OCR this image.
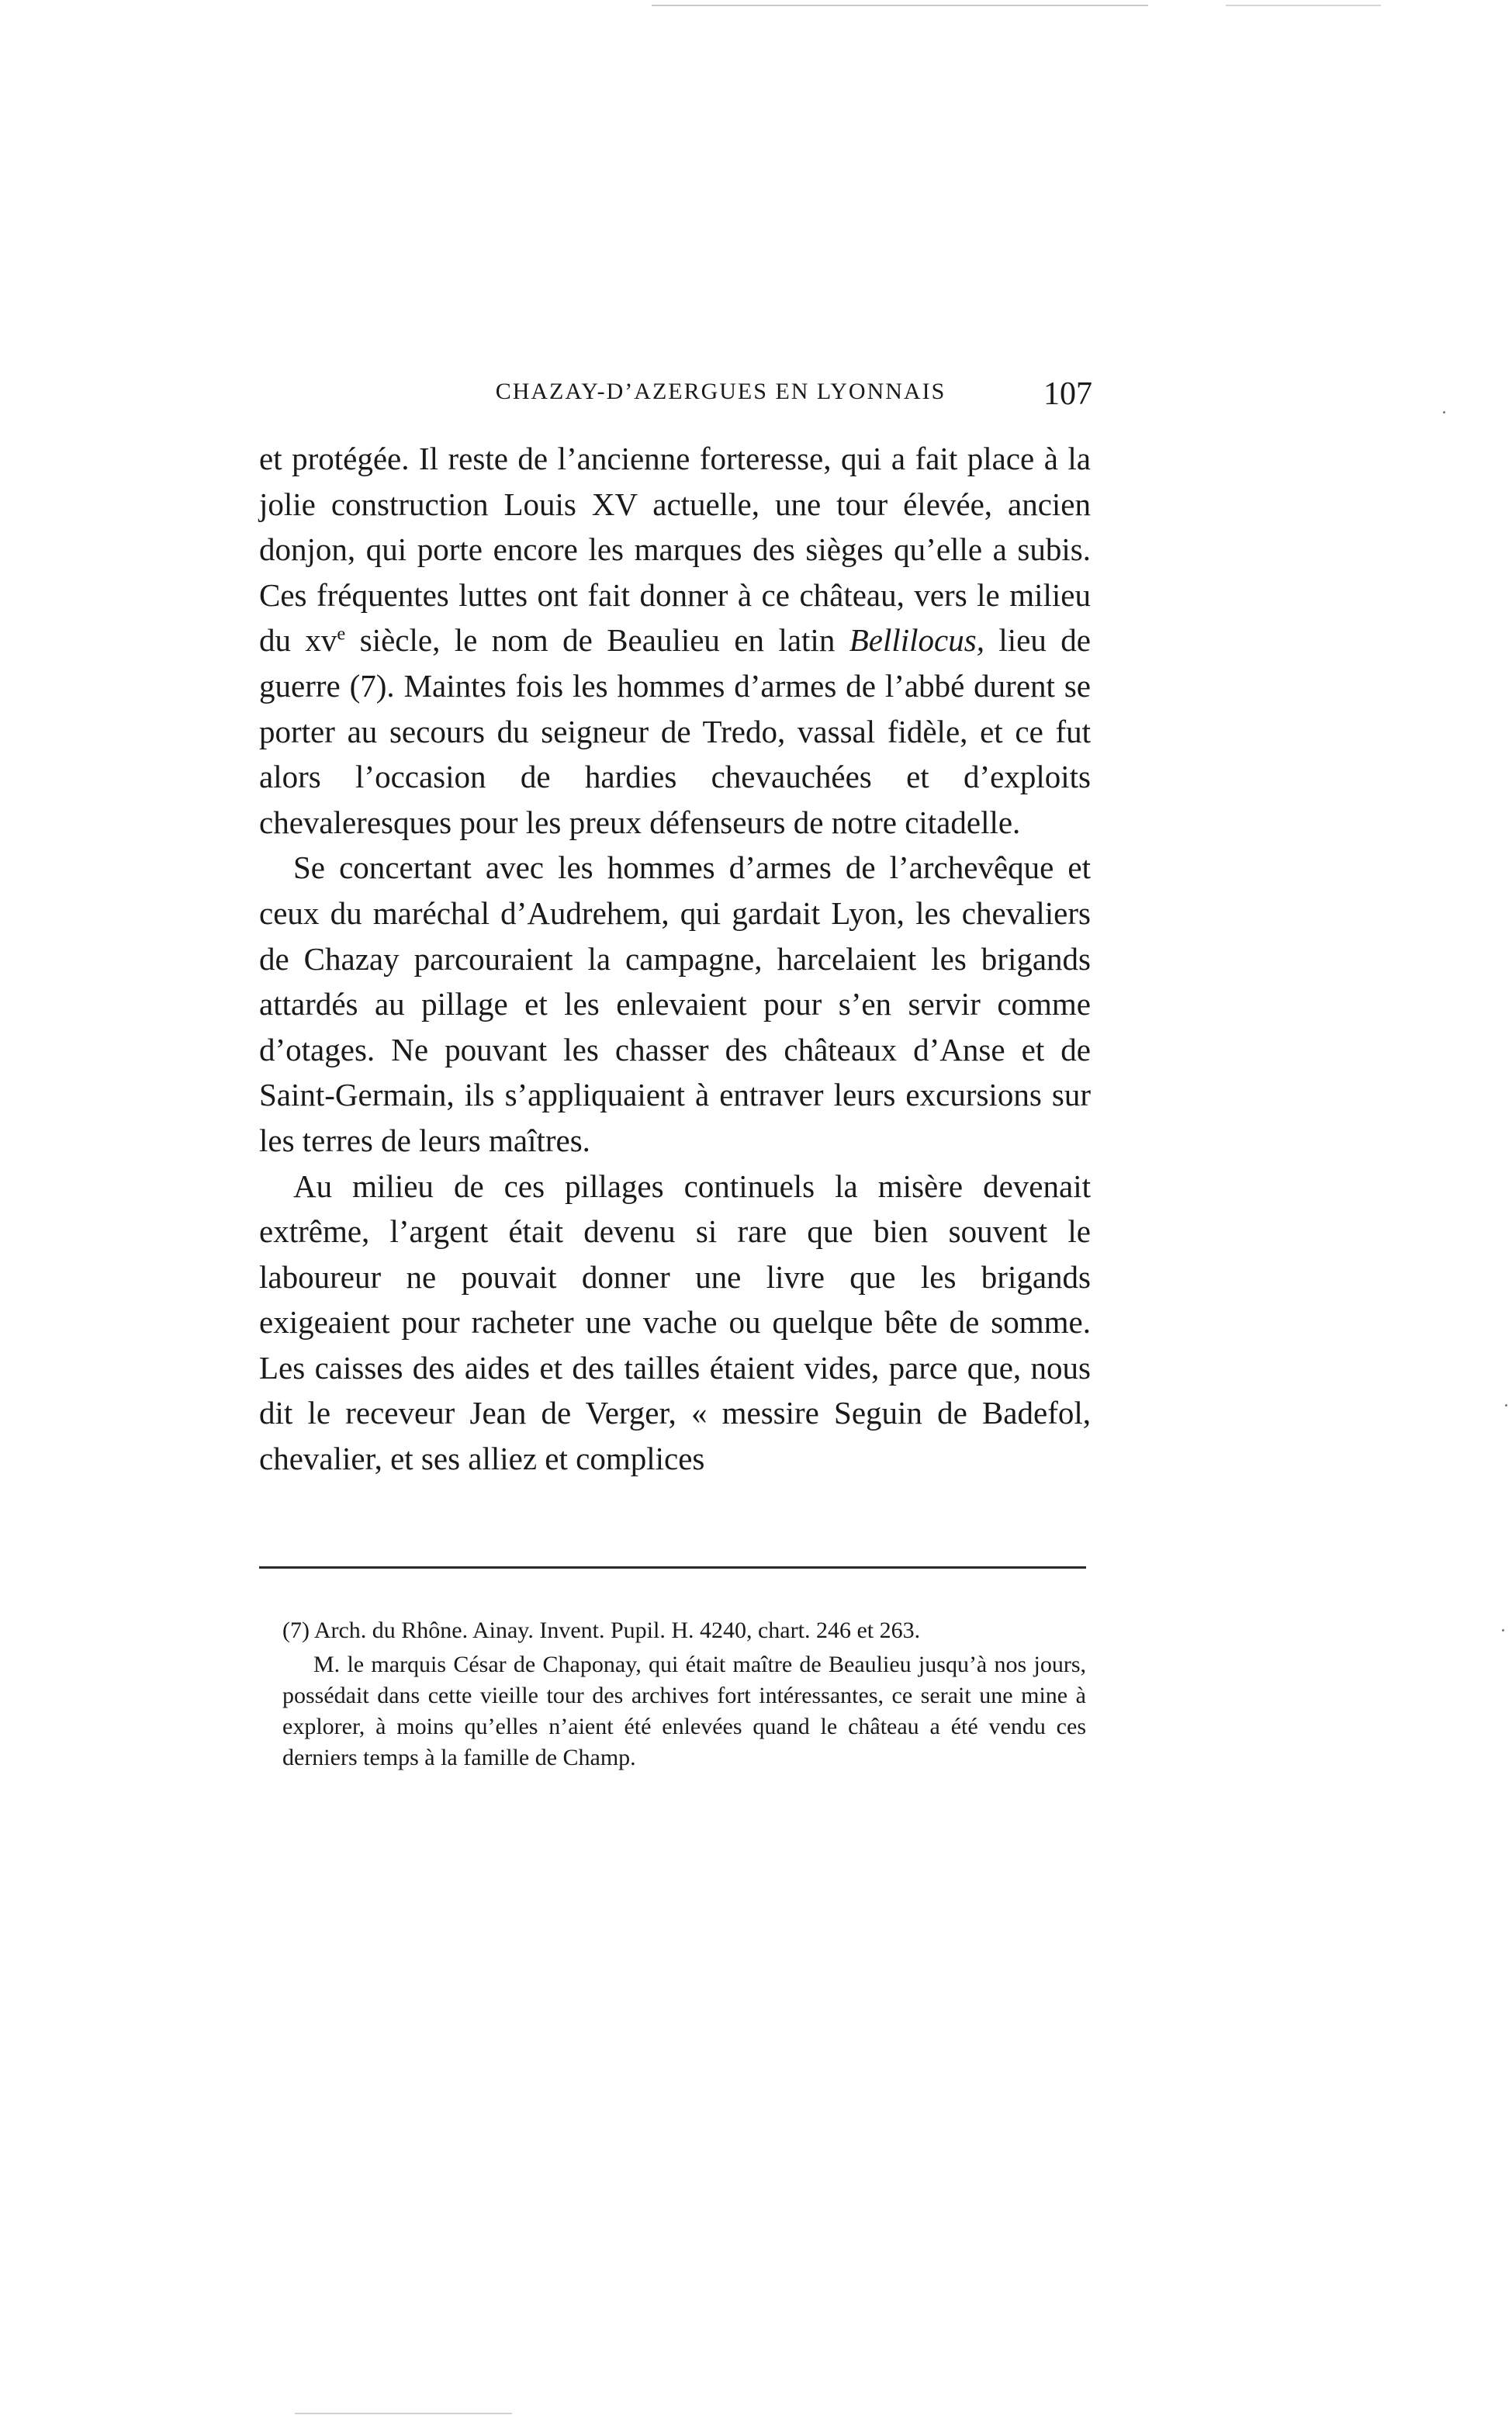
CHAZAY-D’AZERGUES EN LYONNAIS	107

et protégée. Il reste de l’ancienne forteresse, qui a fait place à la jolie construction Louis XV actuelle, une tour élevée, ancien donjon, qui porte encore les marques des sièges qu’elle a subis. Ces fréquentes luttes ont fait donner à ce château, vers le milieu du $xv^e$ siècle, le nom de Beaulieu en latin Bellilocus, lieu de guerre (7). Maintes fois les hommes d’armes de l’abbé durent se porter au secours du seigneur de Tredo, vassal fidèle, et ce fut alors l’occasion de hardies chevauchées et d’exploits chevaleresques pour les preux défenseurs de notre citadelle.

Se concertant avec les hommes d’armes de l’archevêque et ceux du maréchal d’Audrehem, qui gardait Lyon, les chevaliers de Chazay parcouraient la campagne, harcelaient les brigands attardés au pillage et les enlevaient pour s’en servir comme d’otages. Ne pouvant les chasser des châteaux d’Anse et de Saint-Germain, ils s’appliquaient à entraver leurs excursions sur les terres de leurs maîtres.

Au milieu de ces pillages continuels la misère devenait extrême, l’argent était devenu si rare que bien souvent le laboureur ne pouvait donner une livre que les brigands exigeaient pour racheter une vache ou quelque bête de somme. Les caisses des aides et des tailles étaient vides, parce que, nous dit le receveur Jean de Verger, « messire Seguin de Badefol, chevalier, et ses alliez et complices

(7) Arch. du Rhône. Ainay. Invent. Pupil. H. 4240, chart. 246 et 263.

M. le marquis César de Chaponay, qui était maître de Beaulieu jusqu’à nos jours, possédait dans cette vieille tour des archives fort intéressantes, ce serait une mine à explorer, à moins qu’elles n’aient été enlevées quand le château a été vendu ces derniers temps à la famille de Champ.
